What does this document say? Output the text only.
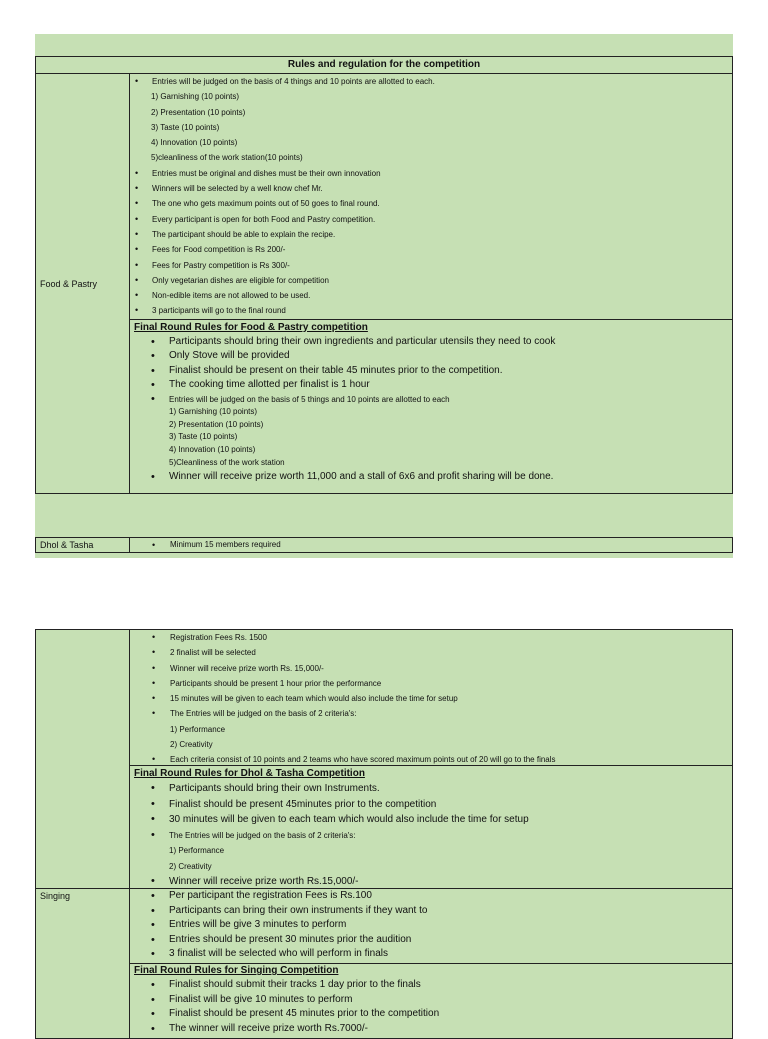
Rules and regulation for the competition
Food & Pastry
• Entries will be judged on the basis of 4 things and 10 points are allotted to each.
1) Garnishing (10 points)
2) Presentation (10 points)
3) Taste (10 points)
4) Innovation (10 points)
5)cleanliness of the work station(10 points)
• Entries must be original and dishes must be their own innovation
• Winners will be selected by a well know chef Mr.
• The one who gets maximum points out of 50 goes to final round.
• Every participant is open for both Food and Pastry competition.
• The participant should be able to explain the recipe.
• Fees for Food competition is Rs 200/-
• Fees for Pastry competition is Rs 300/-
• Only vegetarian dishes are eligible for competition
• Non-edible items are not allowed to be used.
• 3 participants will go to the final round
Final Round Rules for Food & Pastry competition
• Participants should bring their own ingredients and particular utensils they need to cook
• Only Stove will be provided
• Finalist should be present on their table 45 minutes prior to the competition.
• The cooking time allotted per finalist is 1 hour
• Entries will be judged on the basis of 5 things and 10 points are allotted to each
1) Garnishing (10 points)
2) Presentation (10 points)
3) Taste (10 points)
4) Innovation (10 points)
5)Cleanliness of the work station
• Winner will receive prize worth 11,000 and a stall of 6x6 and profit sharing will be done.
Dhol & Tasha	• Minimum 15 members required
• Registration Fees Rs. 1500
• 2 finalist will be selected
• Winner will receive prize worth Rs. 15,000/-
• Participants should be present 1 hour prior the performance
• 15 minutes will be given to each team which would also include the time for setup
• The Entries will be judged on the basis of 2 criteria's:
1) Performance
2) Creativity
• Each criteria consist of 10 points and 2 teams who have scored maximum points out of 20 will go to the finals
Final Round Rules for Dhol & Tasha Competition
• Participants should bring their own Instruments.
• Finalist should be present 45minutes prior to the competition
• 30 minutes will be given to each team which would also include the time for setup
• The Entries will be judged on the basis of 2 criteria's:
1) Performance
2) Creativity
• Winner will receive prize worth Rs.15,000/-
Singing	• Per participant the registration Fees is Rs.100
• Participants can bring their own instruments if they want to
• Entries will be give 3 minutes to perform
• Entries should be present 30 minutes prior the audition
• 3 finalist will be selected who will perform in finals
Final Round Rules for Singing Competition
• Finalist should submit their tracks 1 day prior to the finals
• Finalist will be give 10 minutes to perform
• Finalist should be present 45 minutes prior to the competition
• The winner will receive prize worth Rs.7000/-
